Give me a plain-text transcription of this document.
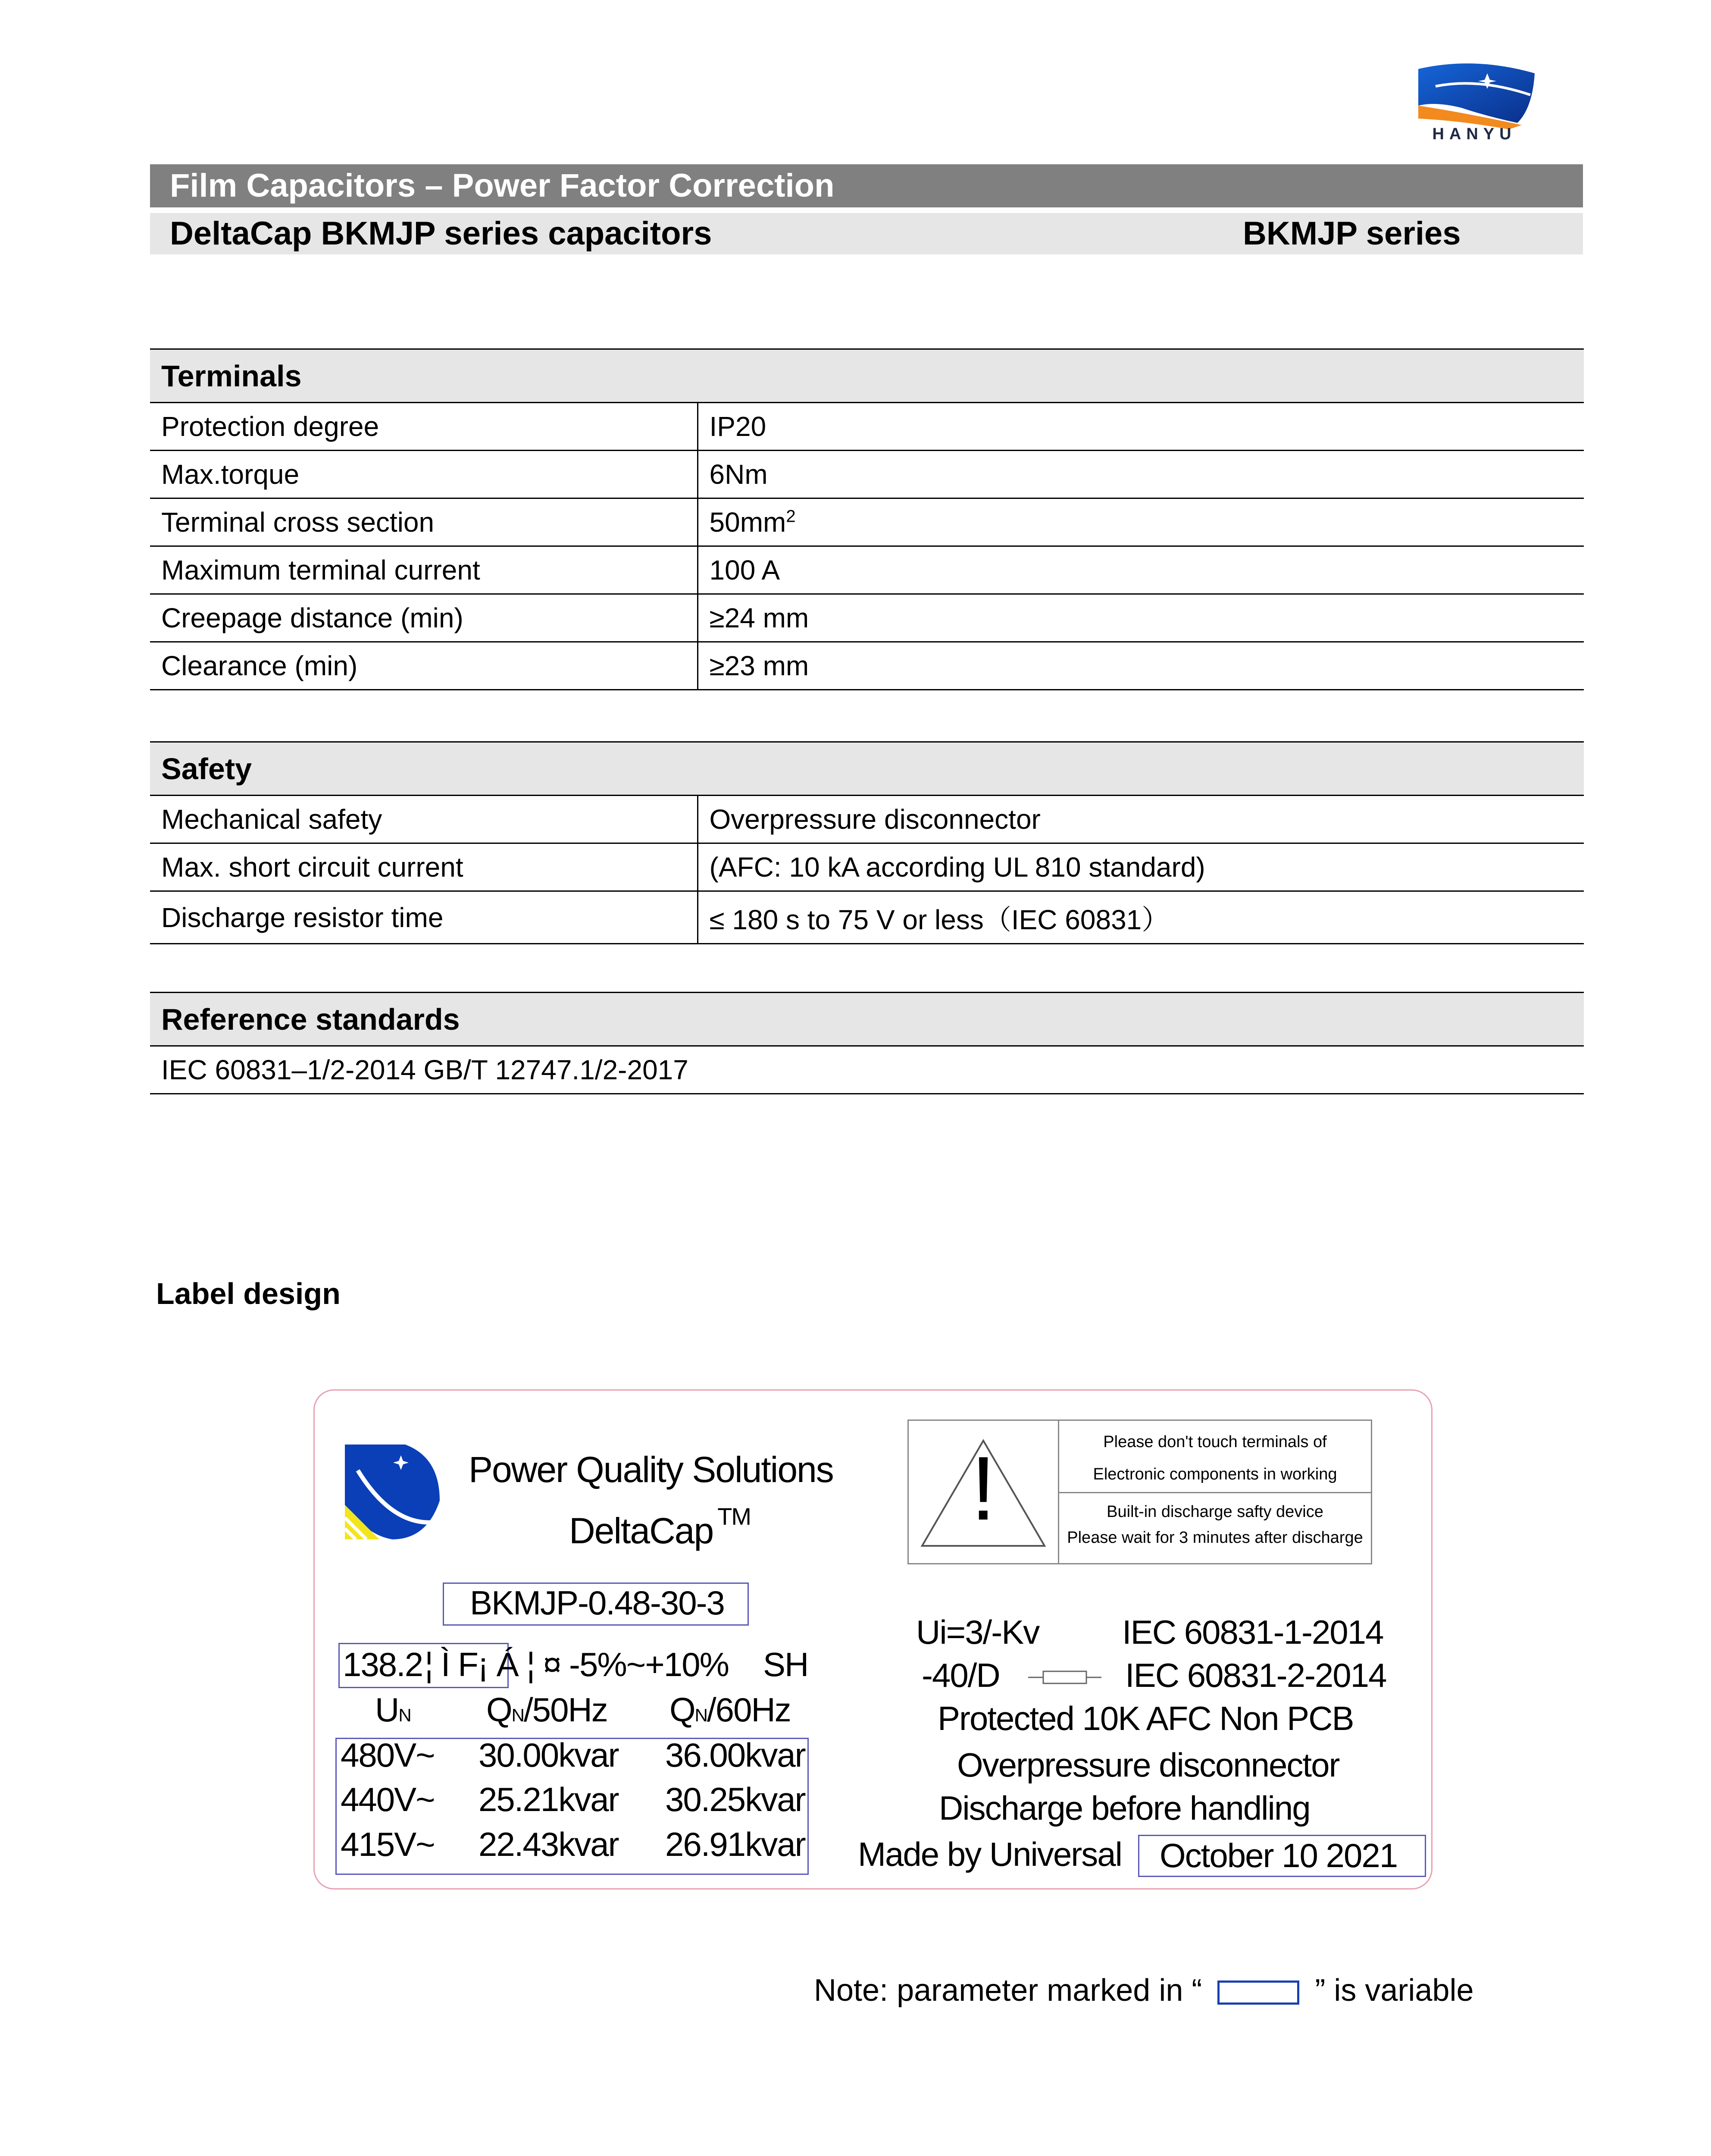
HANYU
Film Capacitors – Power Factor Correction
DeltaCap BKMJP series capacitors	BKMJP series
Terminals	
Protection degree	IP20
Max.torque	6Nm
Terminal cross section	$50mm^2$
Maximum terminal current	100 A
Creepage distance (min)	≥24 mm
Clearance (min)	≥23 mm
Safety	
Mechanical safety	Overpressure disconnector
Max. short circuit current	(AFC: 10 kA according UL 810 standard)
Discharge resistor time	≤ 180 s to 75 V or less（IEC 60831）
Reference standards
IEC 60831–1/2-2014 GB/T 12747.1/2-2017
Label design
Power Quality Solutions
DeltaCap ™
BKMJP-0.48-30-3
138.2 ¦ Ì F¡ Á ¦ ¤ -5%~+10% SH
UN QN/50Hz QN/60Hz
480V~ 30.00kvar 36.00kvar
440V~ 25.21kvar 30.25kvar
415V~ 22.43kvar 26.91kvar
!	Please don't touch terminals of
Electronic components in working
Built-in discharge safty device
Please wait for 3 minutes after discharge
Ui=3/-Kv IEC 60831-1-2014
-40/D	IEC 60831-2-2014
Protected 10K AFC Non PCB
Overpressure disconnector
Discharge before handling
Made by Universal October 10 2021
Note: parameter marked in “	” is variable
